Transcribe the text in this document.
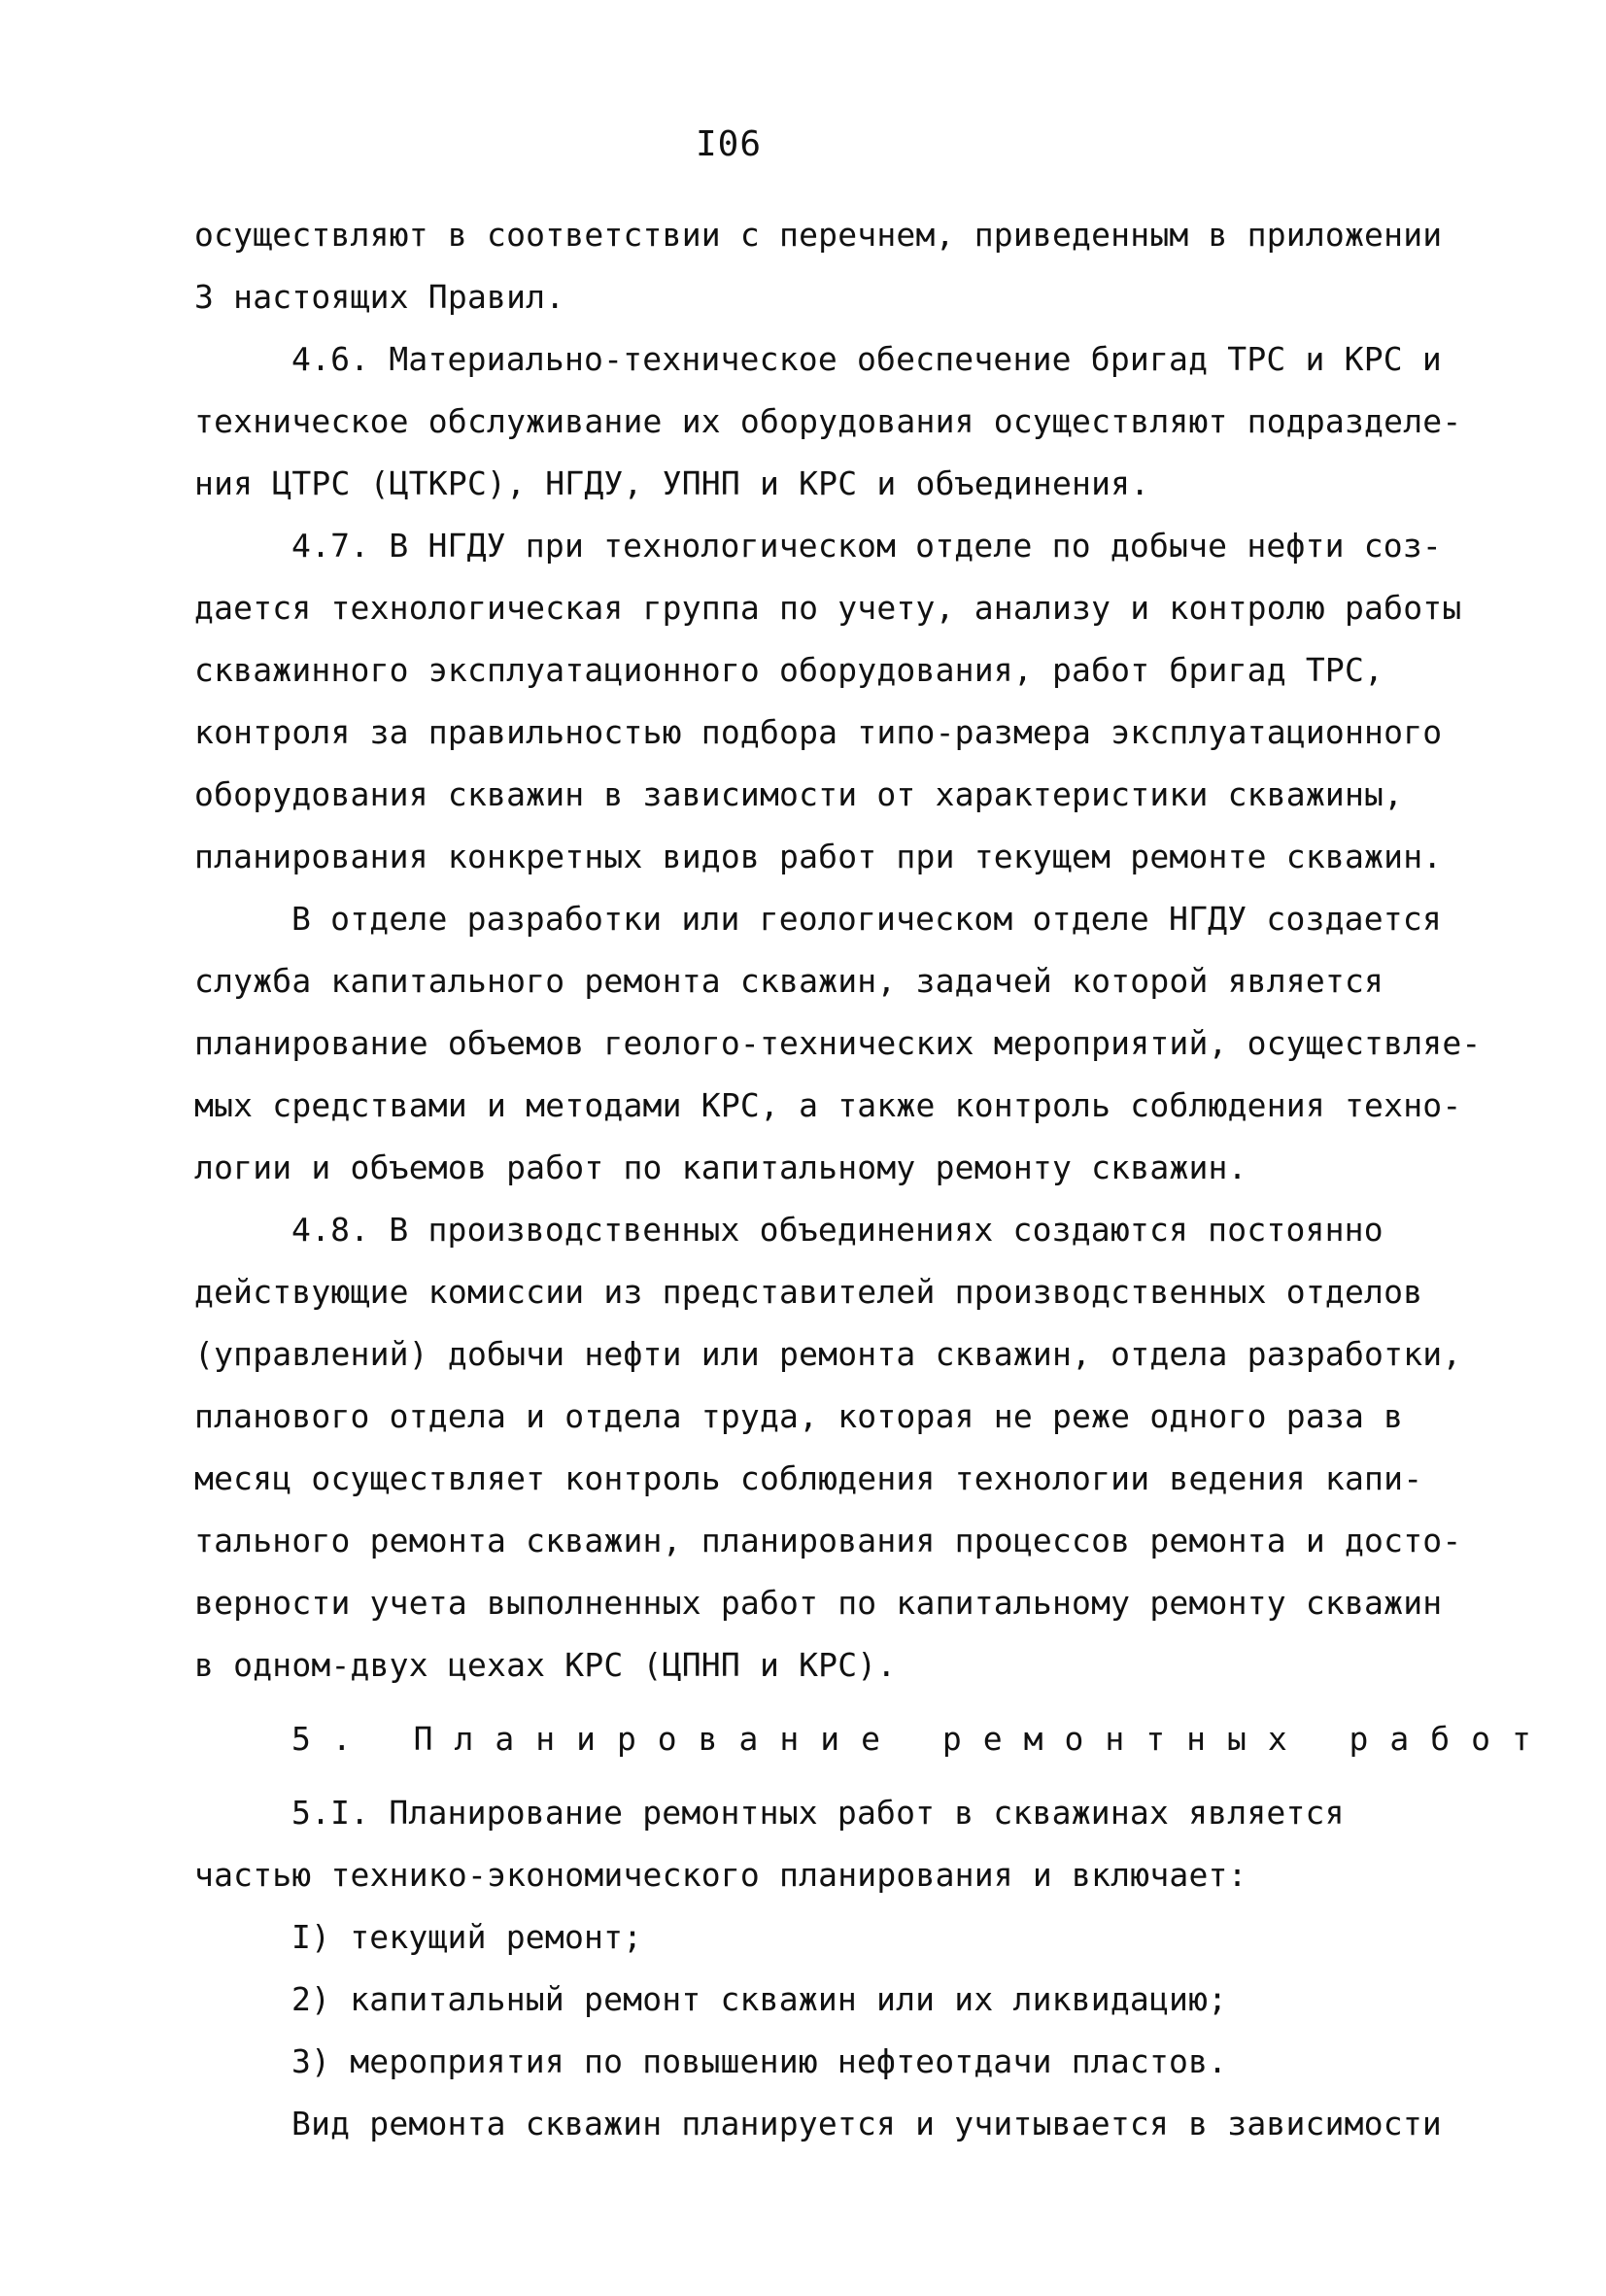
I06
осуществляют в соответствии с перечнем, приведенным в приложении
3 настоящих Правил.
4.6. Материально-техническое обеспечение бригад ТРС и КРС и
техническое обслуживание их оборудования осуществляют подразделе-
ния ЦТРС (ЦТКРС), НГДУ, УПНП и КРС и объединения.
4.7. В НГДУ при технологическом отделе по добыче нефти соз-
дается технологическая группа по учету, анализу и контролю работы
скважинного эксплуатационного оборудования, работ бригад ТРС,
контроля за правильностью подбора типо-размера эксплуатационного
оборудования скважин в зависимости от характеристики скважины,
планирования конкретных видов работ при текущем ремонте скважин.
В отделе разработки или геологическом отделе НГДУ создается
служба капитального ремонта скважин, задачей которой является
планирование объемов геолого-технических мероприятий, осуществляе-
мых средствами и методами КРС, а также контроль соблюдения техно-
логии и объемов работ по капитальному ремонту скважин.
4.8. В производственных объединениях создаются постоянно
действующие комиссии из представителей производственных отделов
(управлений) добычи нефти или ремонта скважин, отдела разработки,
планового отдела и отдела труда, которая не реже одного раза в
месяц осуществляет контроль соблюдения технологии ведения капи-
тального ремонта скважин, планирования процессов ремонта и досто-
верности учета выполненных работ по капитальному ремонту скважин
в одном-двух цехах КРС (ЦПНП и КРС).
5. Планирование ремонтных работ
5.I. Планирование ремонтных работ в скважинах является
частью технико-экономического планирования и включает:
I) текущий ремонт;
2) капитальный ремонт скважин или их ликвидацию;
3) мероприятия по повышению нефтеотдачи пластов.
Вид ремонта скважин планируется и учитывается в зависимости
